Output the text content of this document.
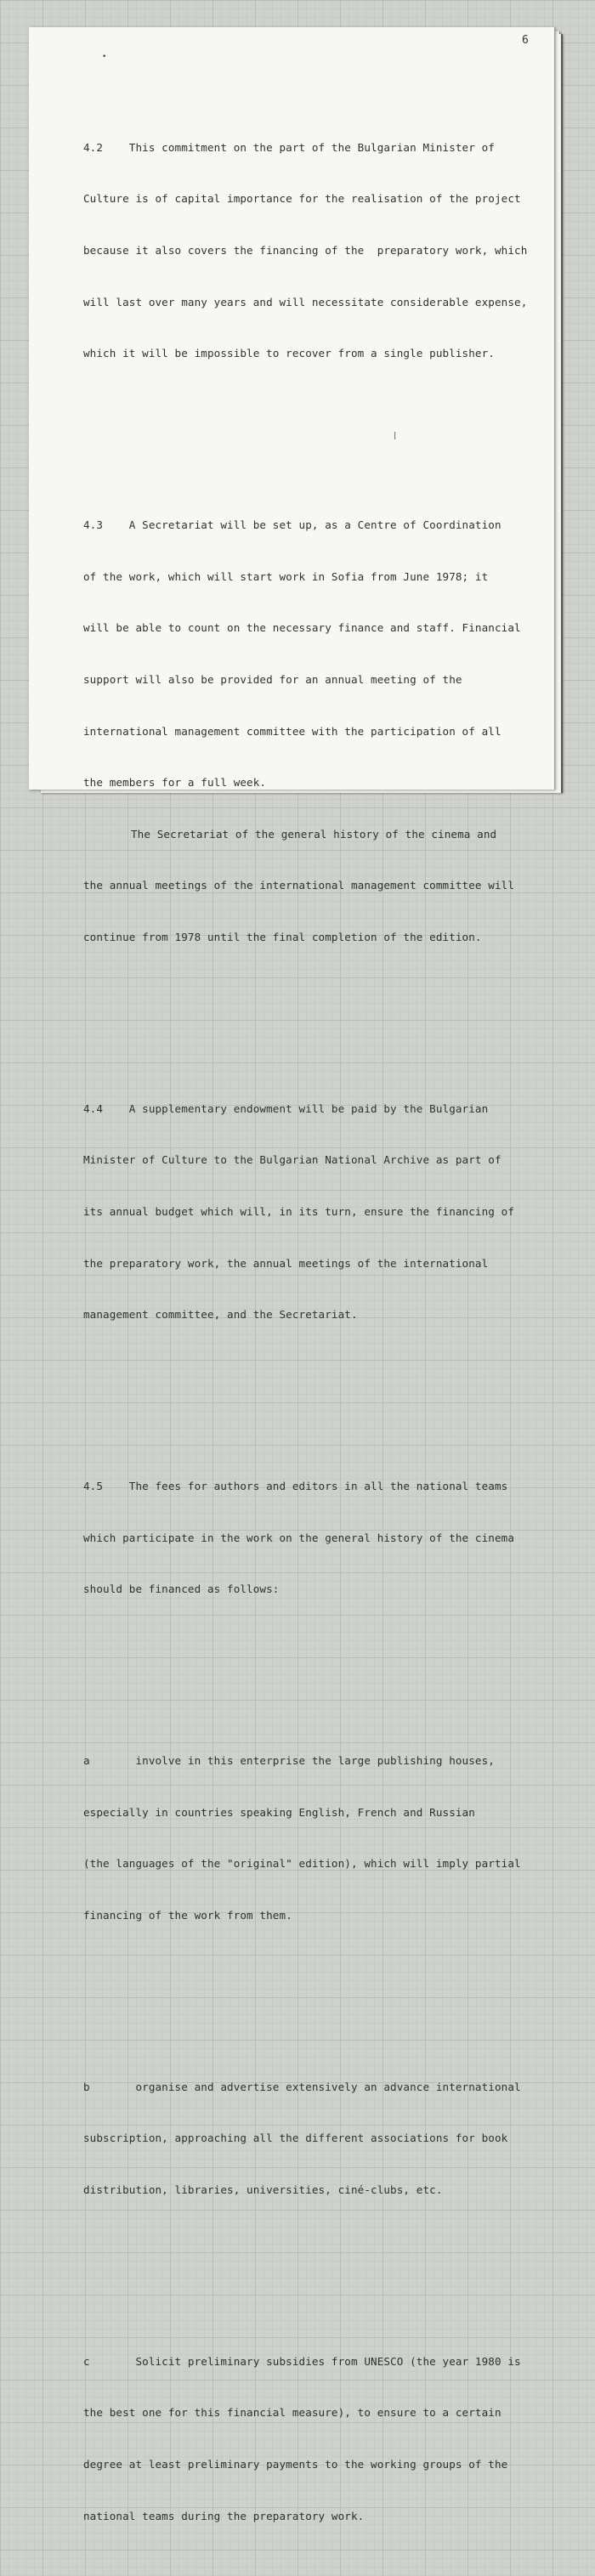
6
•
|

4.2    This commitment on the part of the Bulgarian Minister of

Culture is of capital importance for the realisation of the project

because it also covers the financing of the  preparatory work, which

will last over many years and will necessitate considerable expense,

which it will be impossible to recover from a single publisher.

4.3    A Secretariat will be set up, as a Centre of Coordination

of the work, which will start work in Sofia from June 1978; it

will be able to count on the necessary finance and staff. Financial

support will also be provided for an annual meeting of the

international management committee with the participation of all

the members for a full week.

The Secretariat of the general history of the cinema and

the annual meetings of the international management committee will

continue from 1978 until the final completion of the edition.

4.4    A supplementary endowment will be paid by the Bulgarian

Minister of Culture to the Bulgarian National Archive as part of

its annual budget which will, in its turn, ensure the financing of

the preparatory work, the annual meetings of the international

management committee, and the Secretariat.

4.5    The fees for authors and editors in all the national teams

which participate in the work on the general history of the cinema

should be financed as follows:

a       involve in this enterprise the large publishing houses,

especially in countries speaking English, French and Russian

(the languages of the "original" edition), which will imply partial

financing of the work from them.

b       organise and advertise extensively an advance international

subscription, approaching all the different associations for book

distribution, libraries, universities, ciné-clubs, etc.

c       Solicit preliminary subsidies from UNESCO (the year 1980 is

the best one for this financial measure), to ensure to a certain

degree at least preliminary payments to the working groups of the

national teams during the preparatory work.
